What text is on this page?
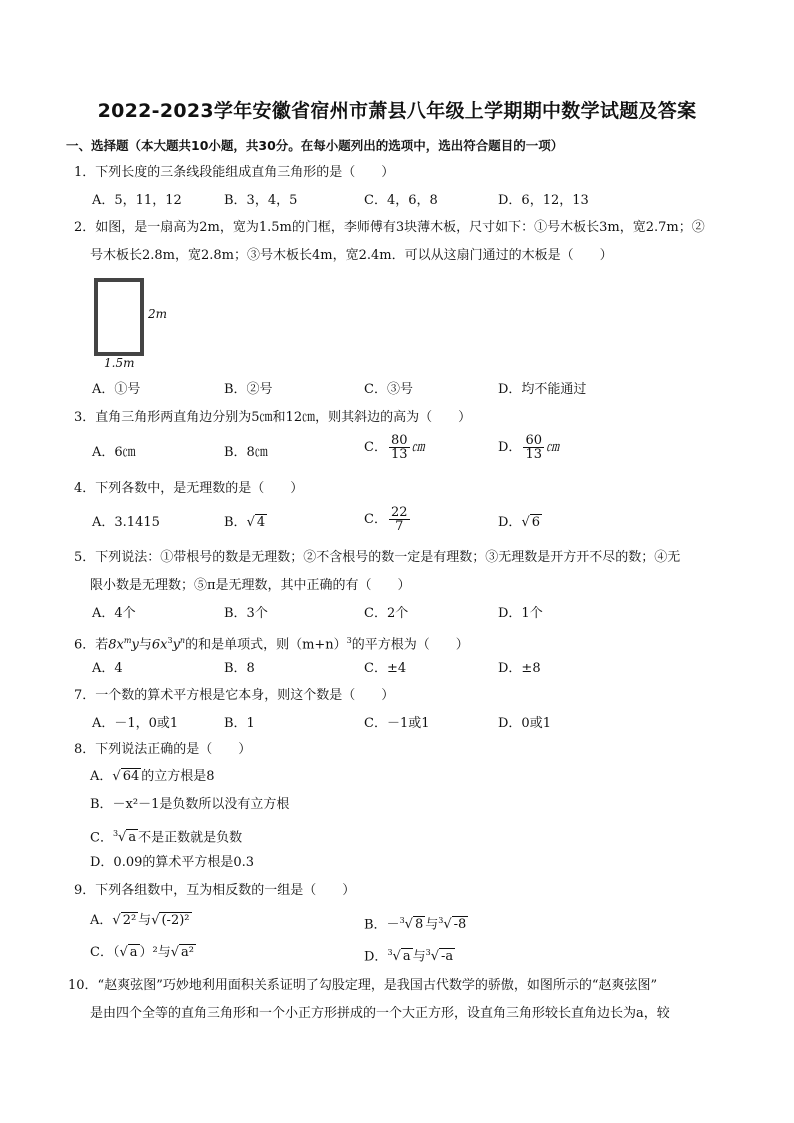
2022-2023学年安徽省宿州市萧县八年级上学期期中数学试题及答案
一、选择题（本大题共10小题，共30分。在每小题列出的选项中，选出符合题目的一项）
1．下列长度的三条线段能组成直角三角形的是（　　）
A．5，11，12	B．3，4，5	C．4，6，8	D．6，12，13
2．如图，是一扇高为2m，宽为1.5m的门框，李师傅有3块薄木板，尺寸如下：①号木板长3m，宽2.7m；②
号木板长2.8m，宽2.8m；③号木板长4m，宽2.4m．可以从这扇门通过的木板是（　　）
2m
1.5m
A．①号	B．②号	C．③号	D．均不能通过
3．直角三角形两直角边分别为5㎝和12㎝，则其斜边的高为（　　）
A．6㎝	B．8㎝	C． $\frac{80}{13}$ ㎝	D． $\frac{60}{13}$ ㎝
4．下列各数中，是无理数的是（　　）
A．3.1415	B．√ 4	C． $\frac{22}{7}$	D．√ 6
5．下列说法：①带根号的数是无理数；②不含根号的数一定是有理数；③无理数是开方开不尽的数；④无
限小数是无理数；⑤π是无理数，其中正确的有（　　）
A．4个	B．3个	C．2个	D．1个
6．若$8x^my$与$6x^3y^n$的和是单项式，则$(m+n)^3$的平方根为（　　）
A．4	B．8	C．±4	D．±8
7．一个数的算术平方根是它本身，则这个数是（　　）
A．－1，0或1	B．1	C．－1或1	D．0或1
8．下列说法正确的是（　　）
A．√ 64 的立方根是8
B．－x²－1是负数所以没有立方根
C．$^3$√ a 不是正数就是负数
D．0.09的算术平方根是0.3
9．下列各组数中，互为相反数的一组是（　　）
A．√ 2² 与√ (-2)²	B．－$^3$√ 8 与$^3$√ -8
C．（√ a ）²与√ a²	D．$^3$√ a 与$^3$√ -a
10．“赵爽弦图”巧妙地利用面积关系证明了勾股定理，是我国古代数学的骄傲，如图所示的“赵爽弦图”
是由四个全等的直角三角形和一个小正方形拼成的一个大正方形，设直角三角形较长直角边长为a，较
